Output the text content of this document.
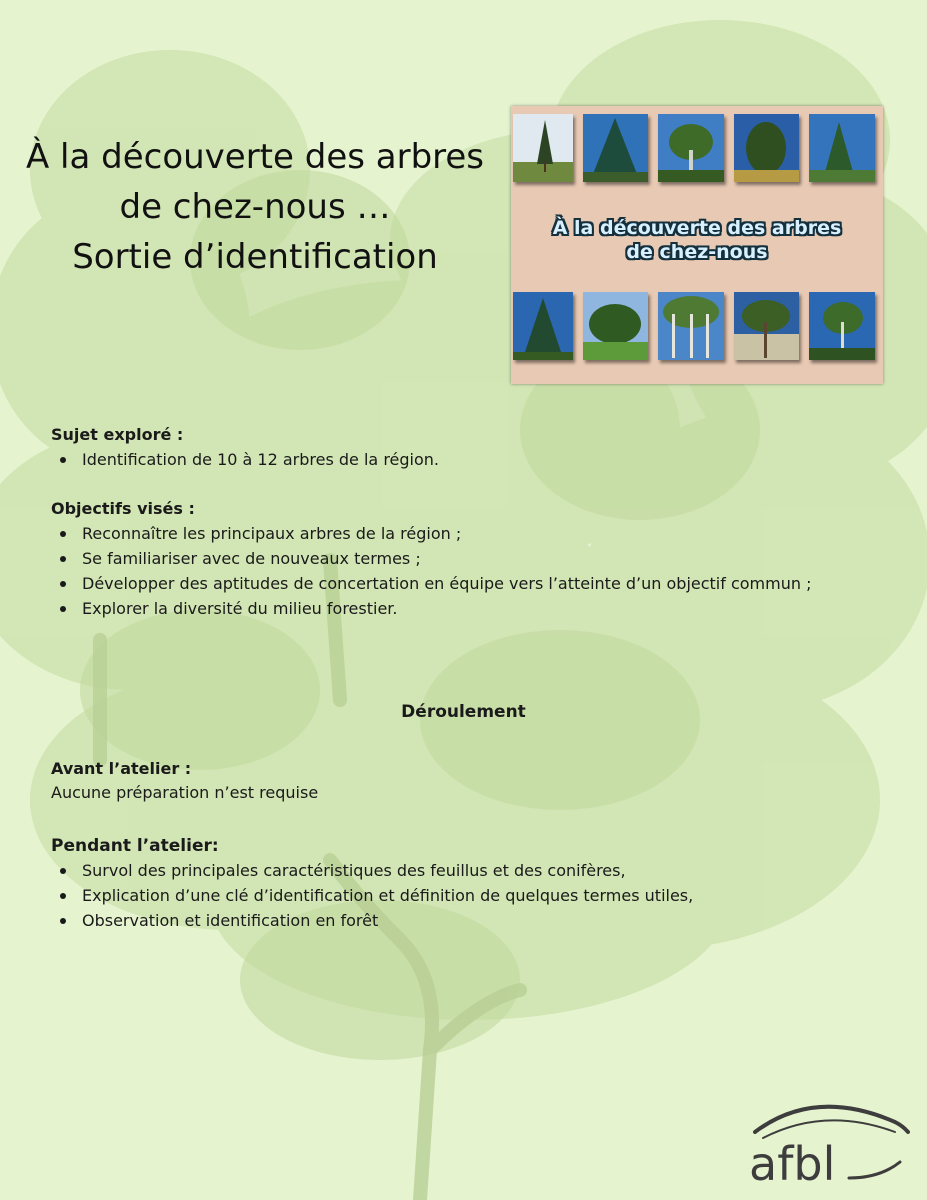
À la découverte des arbres
de chez-nous …
Sortie d’identification
À la découverte des arbres
de chez-nous
Sujet exploré :
Identification de 10 à 12 arbres de la région.
Objectifs visés :
Reconnaître les principaux arbres de la région ;
Se familiariser avec de nouveaux termes ;
Développer des aptitudes de concertation en équipe vers l’atteinte d’un objectif commun ;
Explorer la diversité du milieu forestier.
Déroulement
Avant l’atelier :

Aucune préparation n’est requise

Pendant l’atelier:
Survol des principales caractéristiques des feuillus et des conifères,
Explication d’une clé d’identification et définition de quelques termes utiles,
Observation et identification en forêt
afbl
